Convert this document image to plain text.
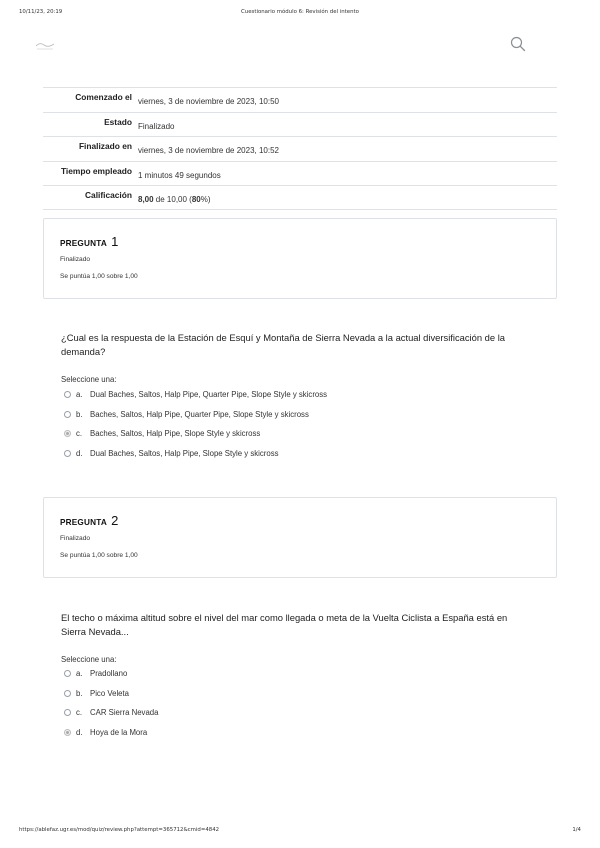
10/11/23, 20:19	Cuestionario módulo 6: Revisión del intento
Comenzado el viernes, 3 de noviembre de 2023, 10:50
Estado Finalizado
Finalizado en viernes, 3 de noviembre de 2023, 10:52
Tiempo empleado 1 minutos 49 segundos
Calificación 8,00 de 10,00 (80%)
PREGUNTA 1
Finalizado
Se puntúa 1,00 sobre 1,00
¿Cual es la respuesta de la Estación de Esquí y Montaña de Sierra Nevada a la actual diversificación de la demanda?
Seleccione una:
a. Dual Baches, Saltos, Halp Pipe, Quarter Pipe, Slope Style y skicross
b. Baches, Saltos, Halp Pipe, Quarter Pipe, Slope Style y skicross
c.	Baches, Saltos, Halp Pipe, Slope Style y skicross
d. Dual Baches, Saltos, Halp Pipe, Slope Style y skicross
PREGUNTA 2
Finalizado
Se puntúa 1,00 sobre 1,00
El techo o máxima altitud sobre el nivel del mar como llegada o meta de la Vuelta Ciclista a España está en Sierra Nevada...
Seleccione una:
a. Pradollano
b. Pico Veleta
c.	CAR Sierra Nevada
d. Hoya de la Mora
https://ablefaz.ugr.es/mod/quiz/review.php?attempt=365712&cmid=4842	1/4
